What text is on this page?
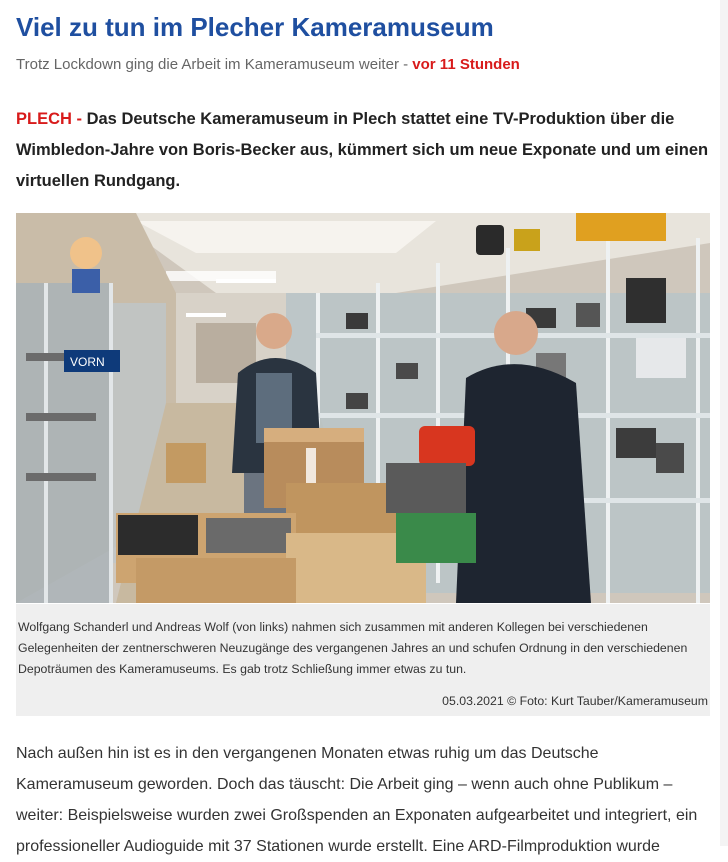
Viel zu tun im Plecher Kameramuseum
Trotz Lockdown ging die Arbeit im Kameramuseum weiter - vor 11 Stunden
PLECH - Das Deutsche Kameramuseum in Plech stattet eine TV-Produktion über die Wimbledon-Jahre von Boris-Becker aus, kümmert sich um neue Exponate und um einen virtuellen Rundgang.
VORN
Wolfgang Schanderl und Andreas Wolf (von links) nahmen sich zusammen mit anderen Kollegen bei verschiedenen Gelegenheiten der zentnerschweren Neuzugänge des vergangenen Jahres an und schufen Ordnung in den verschiedenen Depoträumen des Kameramuseums. Es gab trotz Schließung immer etwas zu tun.
05.03.2021 © Foto: Kurt Tauber/Kameramuseum
Nach außen hin ist es in den vergangenen Monaten etwas ruhig um das Deutsche Kameramuseum geworden. Doch das täuscht: Die Arbeit ging – wenn auch ohne Publikum – weiter: Beispielsweise wurden zwei Großspenden an Exponaten aufgearbeitet und integriert, ein professioneller Audioguide mit 37 Stationen wurde erstellt. Eine ARD-Filmproduktion wurde
